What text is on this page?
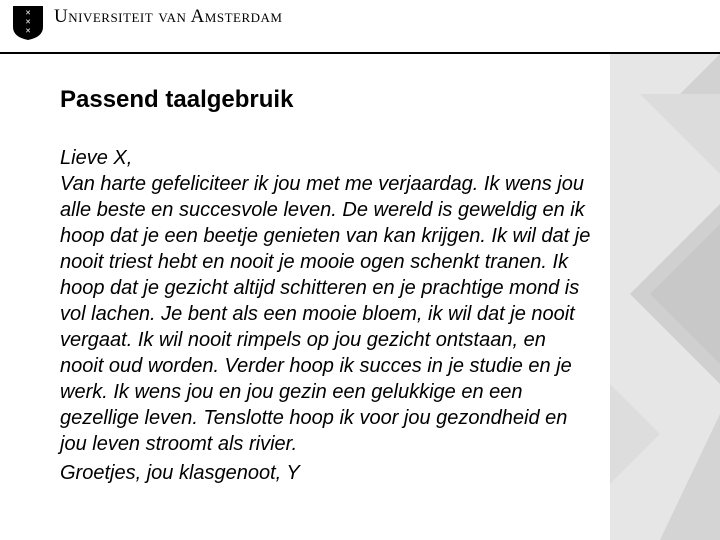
✕
✕
✕
Universiteit van Amsterdam
Passend taalgebruik
Lieve X,
Van harte gefeliciteer ik jou met me verjaardag. Ik wens jou
alle beste en succesvole leven. De wereld is geweldig en ik
hoop dat je een beetje genieten van kan krijgen. Ik wil dat je
nooit triest hebt en nooit je mooie ogen schenkt tranen. Ik
hoop dat je gezicht altijd schitteren en je prachtige mond is
vol lachen. Je bent als een mooie bloem, ik wil dat je nooit
vergaat. Ik wil nooit rimpels op jou gezicht ontstaan, en
nooit oud worden. Verder hoop ik succes in je studie en je
werk. Ik wens jou en jou gezin een gelukkige en een
gezellige leven. Tenslotte hoop ik voor jou gezondheid en
jou leven stroomt als rivier.
Groetjes, jou klasgenoot, Y
